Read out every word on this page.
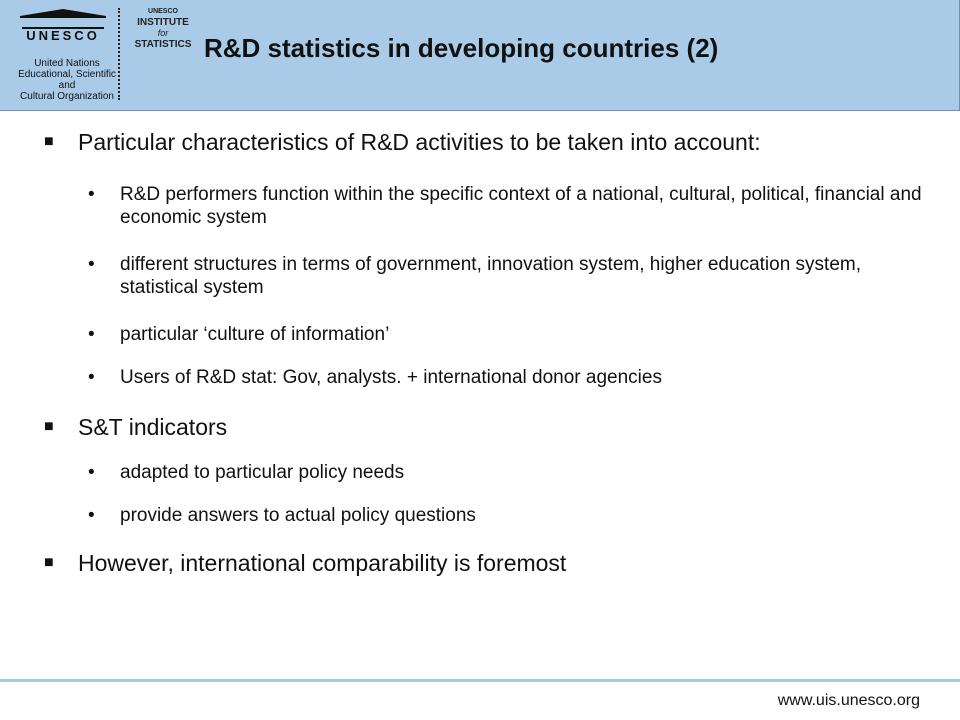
UNESCO
United Nations
Educational, Scientific and
Cultural Organization
UNESCO
INSTITUTE
for
STATISTICS R&D statistics in developing countries (2)
■ Particular characteristics of R&D activities to be taken into account:
• R&D performers function within the specific context of a national, cultural, political, financial and economic system
• different structures in terms of government, innovation system, higher education system, statistical system
• particular ‘culture of information’
• Users of R&D stat: Gov, analysts. + international donor agencies
■ S&T indicators
• adapted to particular policy needs
• provide answers to actual policy questions
■ However, international comparability is foremost
www.uis.unesco.org
